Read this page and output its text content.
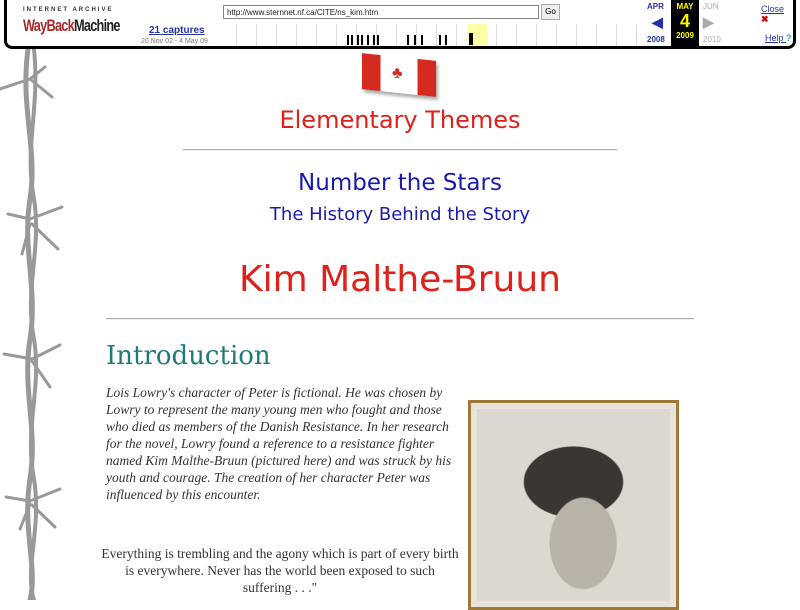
INTERNET ARCHIVE
WayBackMachine	21 captures
20 Nov 02 - 4 May 09
http://www.sternnet.nf.ca/CITE/ns_kim.htm
Go
APR
◀
2008
MAY
4
2009
JUN
▶
2010
Close ✖
Help ?
♣
Elementary Themes
Number the Stars
The History Behind the Story
Kim Malthe-Bruun
Introduction
Lois Lowry's character of Peter is fictional. He was chosen by Lowry to represent the many young men who fought and those who died as members of the Danish Resistance. In her research for the novel, Lowry found a reference to a resistance fighter named Kim Malthe-Bruun (pictured here) and was struck by his youth and courage. The creation of her character Peter was influenced by this encounter.
Everything is trembling and the agony which is part of every birth is everywhere. Never has the world been exposed to such suffering . . ."
